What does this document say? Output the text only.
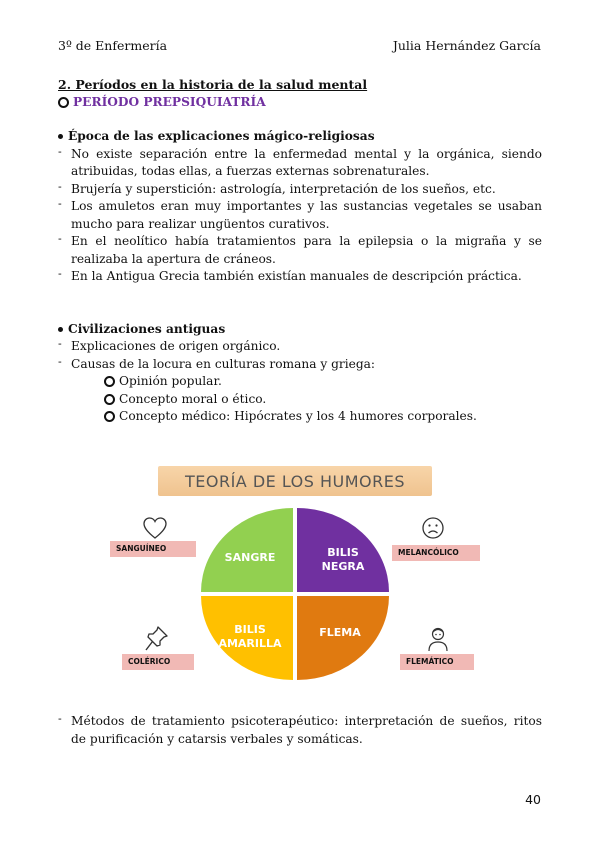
3º de Enfermería	Julia Hernández García
2. Períodos en la historia de la salud mental
PERÍODO PREPSIQUIATRÍA
Época de las explicaciones mágico-religiosas
- No existe separación entre la enfermedad mental y la orgánica, siendo atribuidas, todas ellas, a fuerzas externas sobrenaturales.
- Brujería y superstición: astrología, interpretación de los sueños, etc.
- Los amuletos eran muy importantes y las sustancias vegetales se usaban mucho para realizar ungüentos curativos.
- En el neolítico había tratamientos para la epilepsia o la migraña y se realizaba la apertura de cráneos.
- En la Antigua Grecia también existían manuales de descripción práctica.
Civilizaciones antiguas
- Explicaciones de origen orgánico.
- Causas de la locura en culturas romana y griega:
Opinión popular.
Concepto moral o ético.
Concepto médico: Hipócrates y los 4 humores corporales.
TEORÍA DE LOS HUMORES
SANGRE	BILIS
NEGRA
BILIS
AMARILLA
FLEMA
SANGUÍNEO	MELANCÓLICO
COLÉRICO	FLEMÁTICO
- Métodos de tratamiento psicoterapéutico: interpretación de sueños, ritos de purificación y catarsis verbales y somáticas.
40
